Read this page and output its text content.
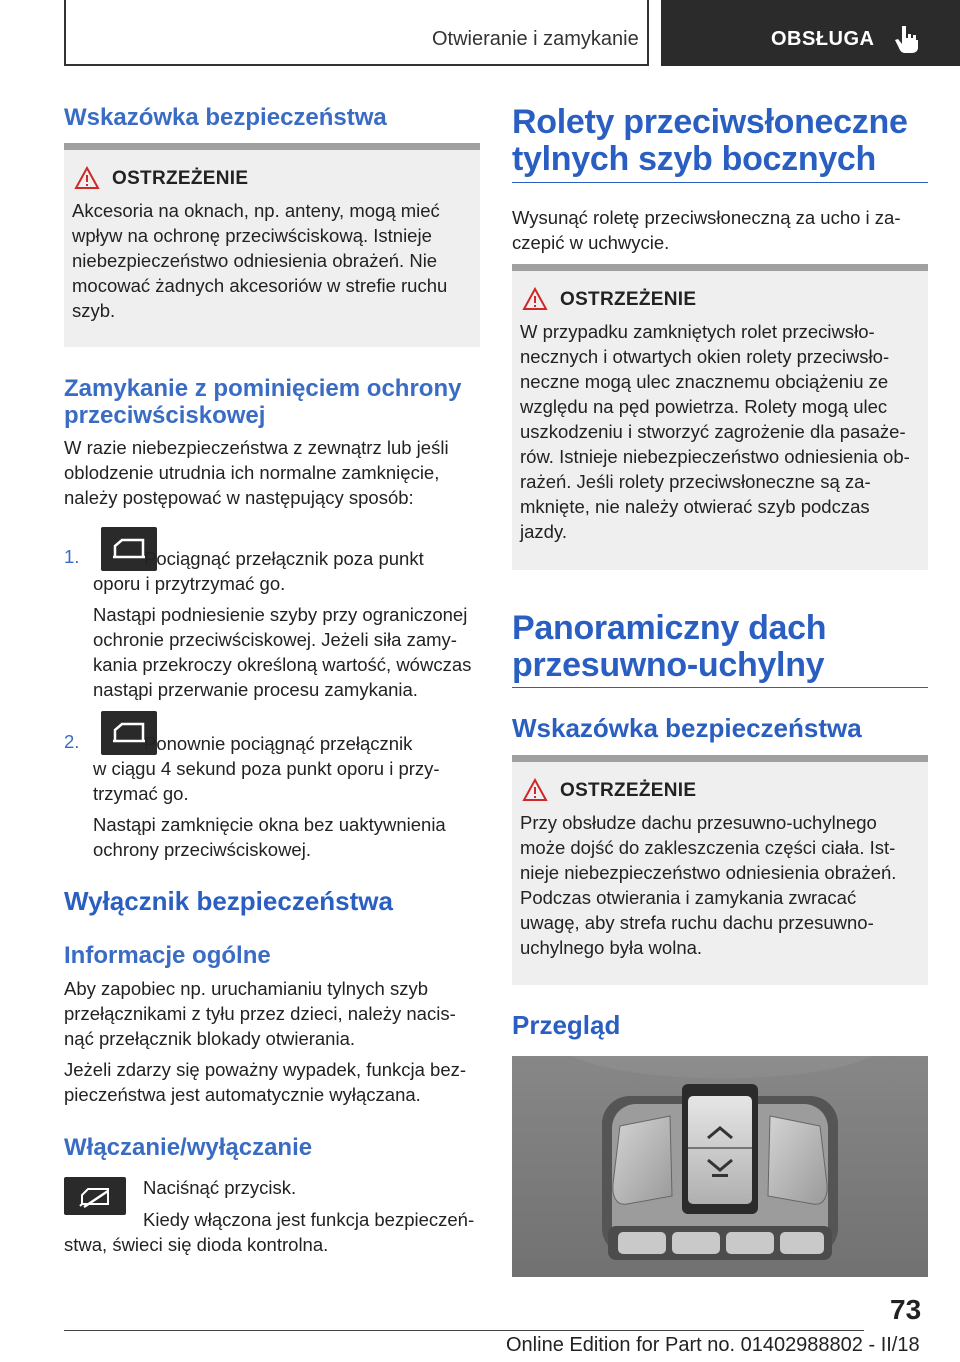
Otwieranie i zamykanie	OBSŁUGA
Wskazówka bezpieczeństwa
OSTRZEŻENIE
Akcesoria na oknach, np. anteny, mogą mieć
wpływ na ochronę przeciwściskową. Istnieje
niebezpieczeństwo odniesienia obrażeń. Nie
mocować żadnych akcesoriów w strefie ruchu
szyb.
Zamykanie z pominięciem ochrony
przeciwściskowej
W razie niebezpieczeństwa z zewnątrz lub jeśli
oblodzenie utrudnia ich normalne zamknięcie,
należy postępować w następujący sposób:
1.	Pociągnąć przełącznik poza punkt
oporu i przytrzymać go.
Nastąpi podniesienie szyby przy ograniczonej
ochronie przeciwściskowej. Jeżeli siła zamy-
kania przekroczy określoną wartość, wówczas
nastąpi przerwanie procesu zamykania.
2.	Ponownie pociągnąć przełącznik
w ciągu 4 sekund poza punkt oporu i przy-
trzymać go.
Nastąpi zamknięcie okna bez uaktywnienia
ochrony przeciwściskowej.
Wyłącznik bezpieczeństwa
Informacje ogólne
Aby zapobiec np. uruchamianiu tylnych szyb
przełącznikami z tyłu przez dzieci, należy nacis-
nąć przełącznik blokady otwierania.
Jeżeli zdarzy się poważny wypadek, funkcja bez-
pieczeństwa jest automatycznie wyłączana.
Włączanie/wyłączanie
Naciśnąć przycisk.
Kiedy włączona jest funkcja bezpieczeń-
stwa, świeci się dioda kontrolna.
Rolety przeciwsłoneczne
tylnych szyb bocznych
Wysunąć roletę przeciwsłoneczną za ucho i za-
czepić w uchwycie.
OSTRZEŻENIE
W przypadku zamkniętych rolet przeciwsło-
necznych i otwartych okien rolety przeciwsło-
neczne mogą ulec znacznemu obciążeniu ze
względu na pęd powietrza. Rolety mogą ulec
uszkodzeniu i stworzyć zagrożenie dla pasaże-
rów. Istnieje niebezpieczeństwo odniesienia ob-
rażeń. Jeśli rolety przeciwsłoneczne są za-
mknięte, nie należy otwierać szyb podczas
jazdy.
Panoramiczny dach
przesuwno-uchylny
Wskazówka bezpieczeństwa
OSTRZEŻENIE
Przy obsłudze dachu przesuwno-uchylnego
może dojść do zakleszczenia części ciała. Ist-
nieje niebezpieczeństwo odniesienia obrażeń.
Podczas otwierania i zamykania zwracać
uwagę, aby strefa ruchu dachu przesuwno-
uchylnego była wolna.
Przegląd
73
Online Edition for Part no. 01402988802 - II/18
